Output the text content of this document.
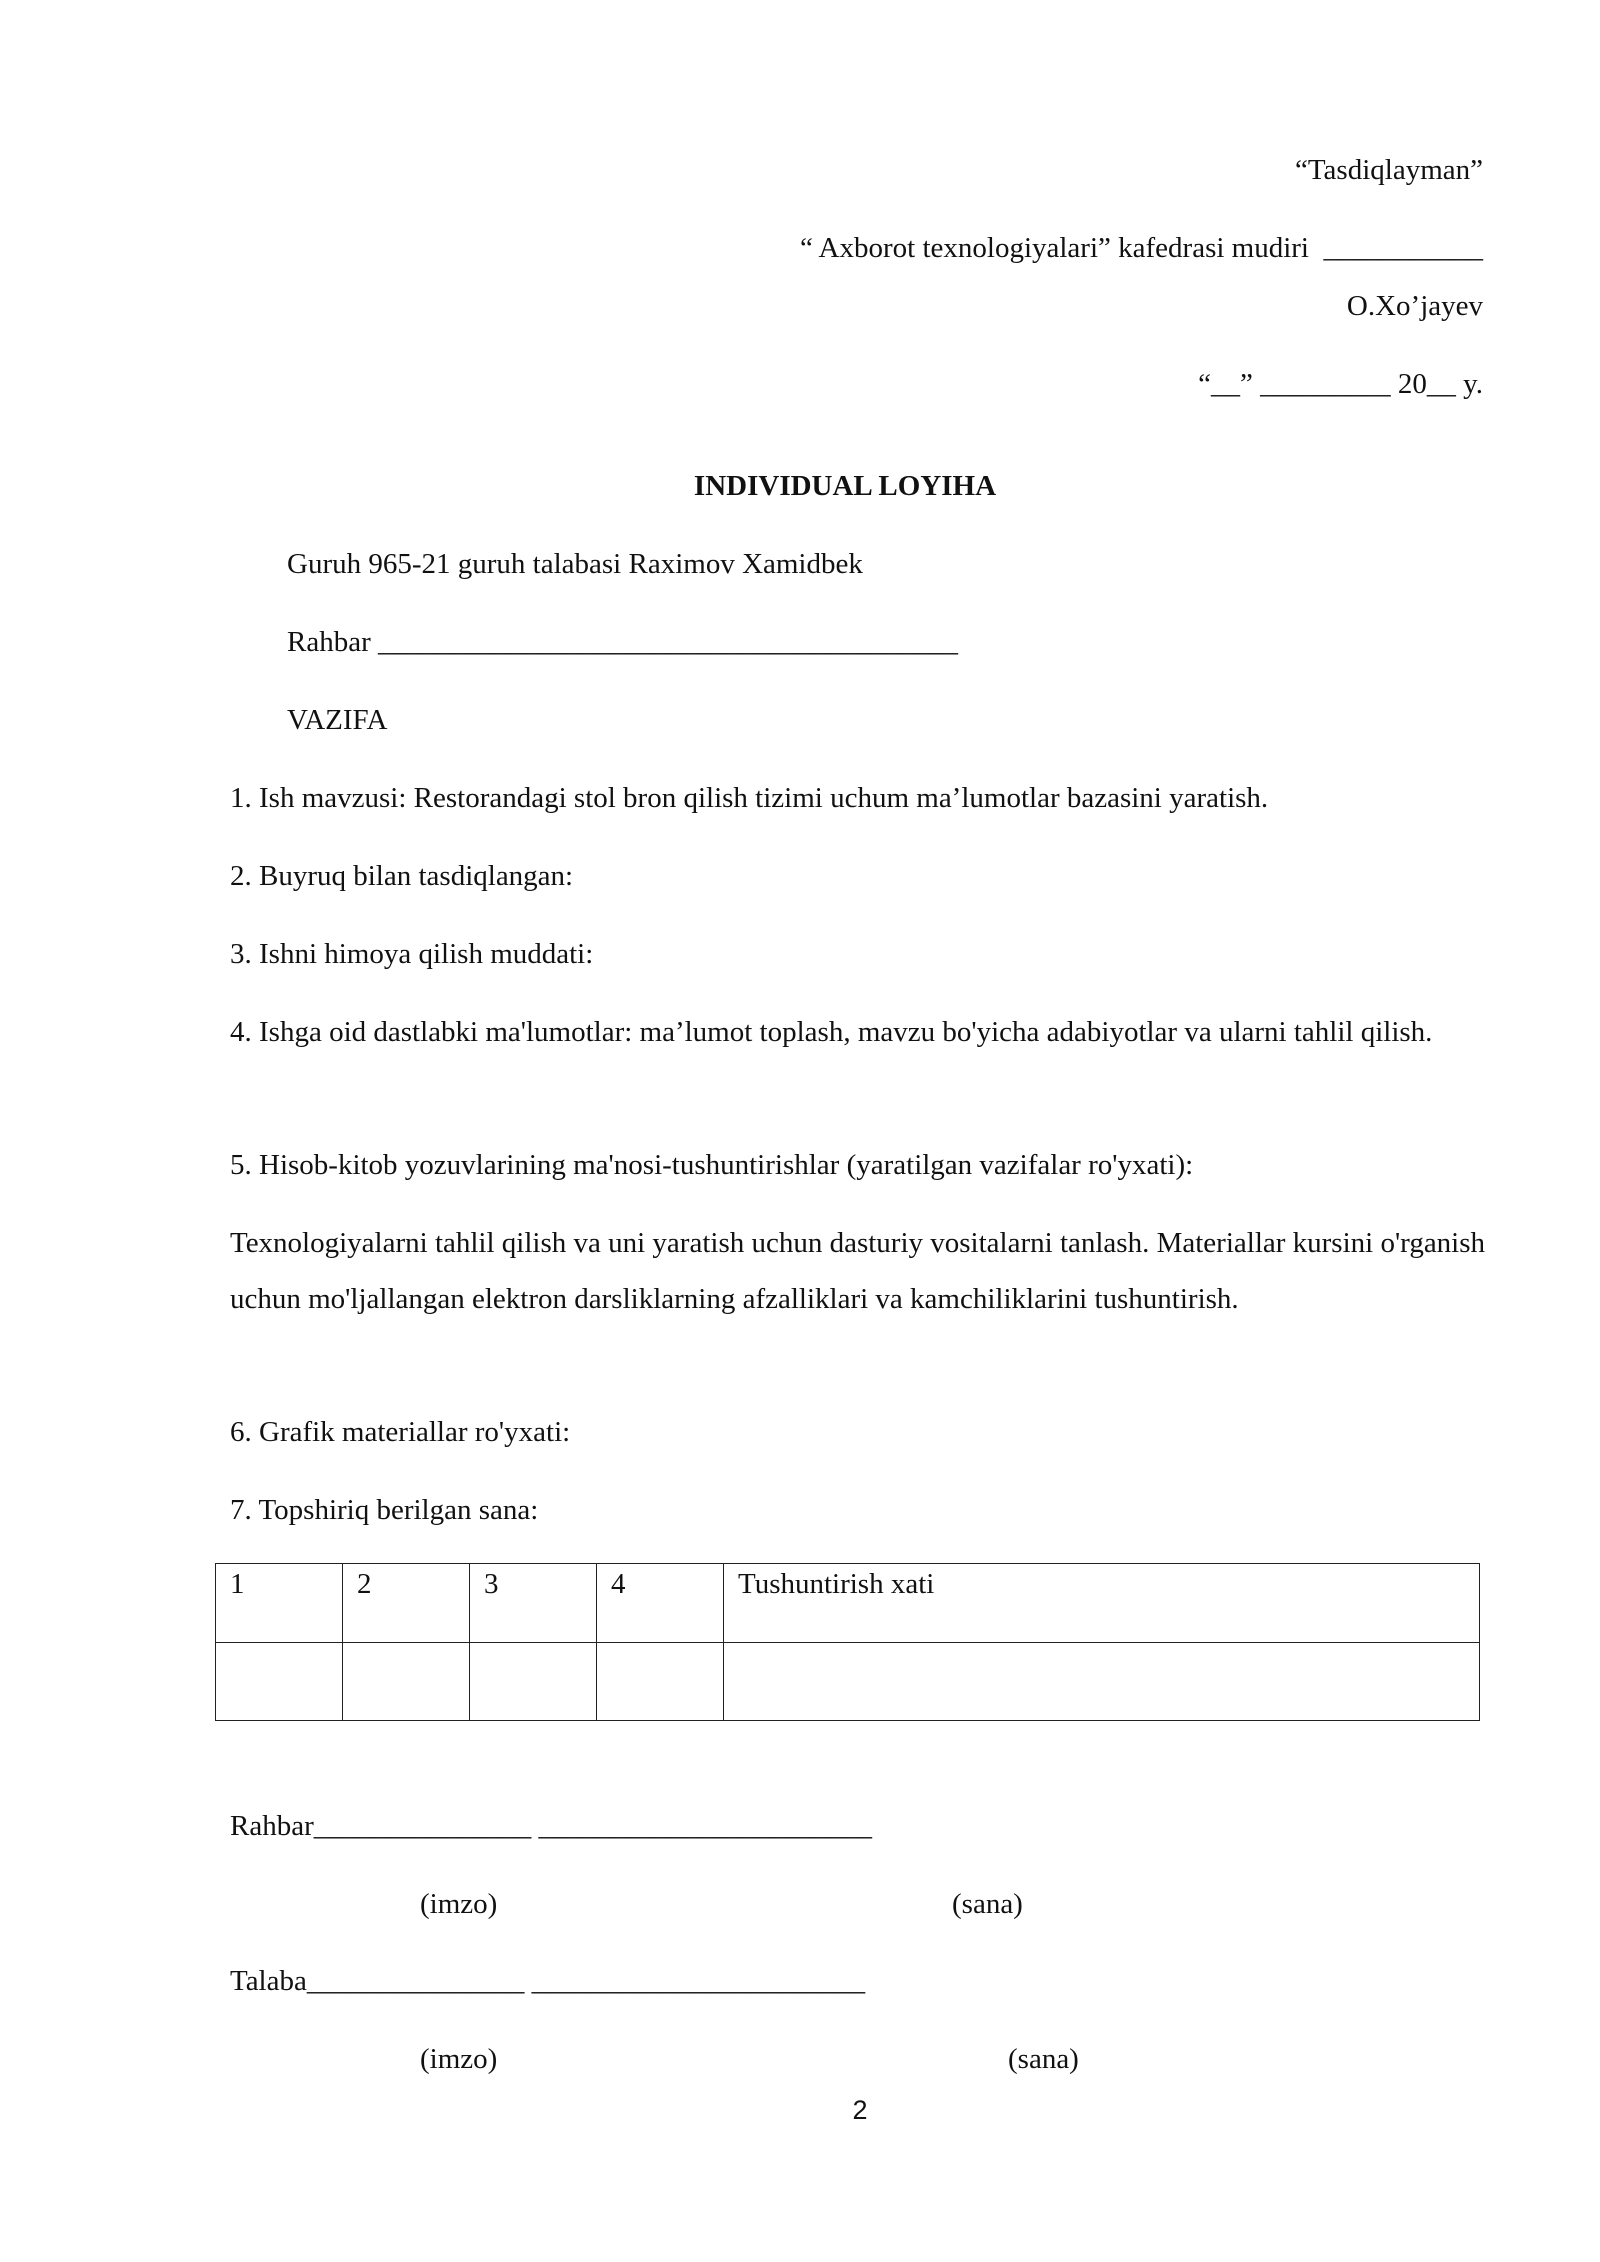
“Tasdiqlayman”
“ Axborot texnologiyalari” kafedrasi mudiri  ___________
O.Xo’jayev
“__” _________ 20__ y.
INDIVIDUAL LOYIHA
Guruh 965-21 guruh talabasi Raximov Xamidbek
Rahbar ________________________________________
VAZIFA
1. Ish mavzusi: Restorandagi stol bron qilish tizimi uchum ma’lumotlar bazasini yaratish.
2. Buyruq bilan tasdiqlangan:
3. Ishni himoya qilish muddati:
4. Ishga oid dastlabki ma'lumotlar: ma’lumot toplash, mavzu bo'yicha adabiyotlar va ularni tahlil qilish.
5. Hisob-kitob yozuvlarining ma'nosi-tushuntirishlar (yaratilgan vazifalar ro'yxati):
Texnologiyalarni tahlil qilish va uni yaratish uchun dasturiy vositalarni tanlash. Materiallar kursini o'rganish uchun mo'ljallangan elektron darsliklarning afzalliklari va kamchiliklarini tushuntirish.
6. Grafik materiallar ro'yxati:
7. Topshiriq berilgan sana:
1	2	3	4	Tushuntirish xati

Rahbar_______________ _______________________
(imzo)	(sana)
Talaba_______________ _______________________
(imzo)	(sana)
2
